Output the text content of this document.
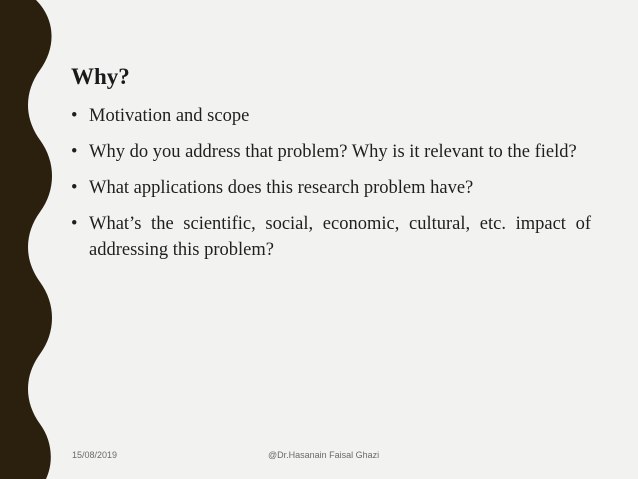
Why?
• Motivation and scope
• Why do you address that problem? Why is it relevant to the field?
• What applications does this research problem have?
• What’s the scientific, social, economic, cultural, etc. impact of addressing this problem?
15/08/2019	@Dr.Hasanain Faisal Ghazi
